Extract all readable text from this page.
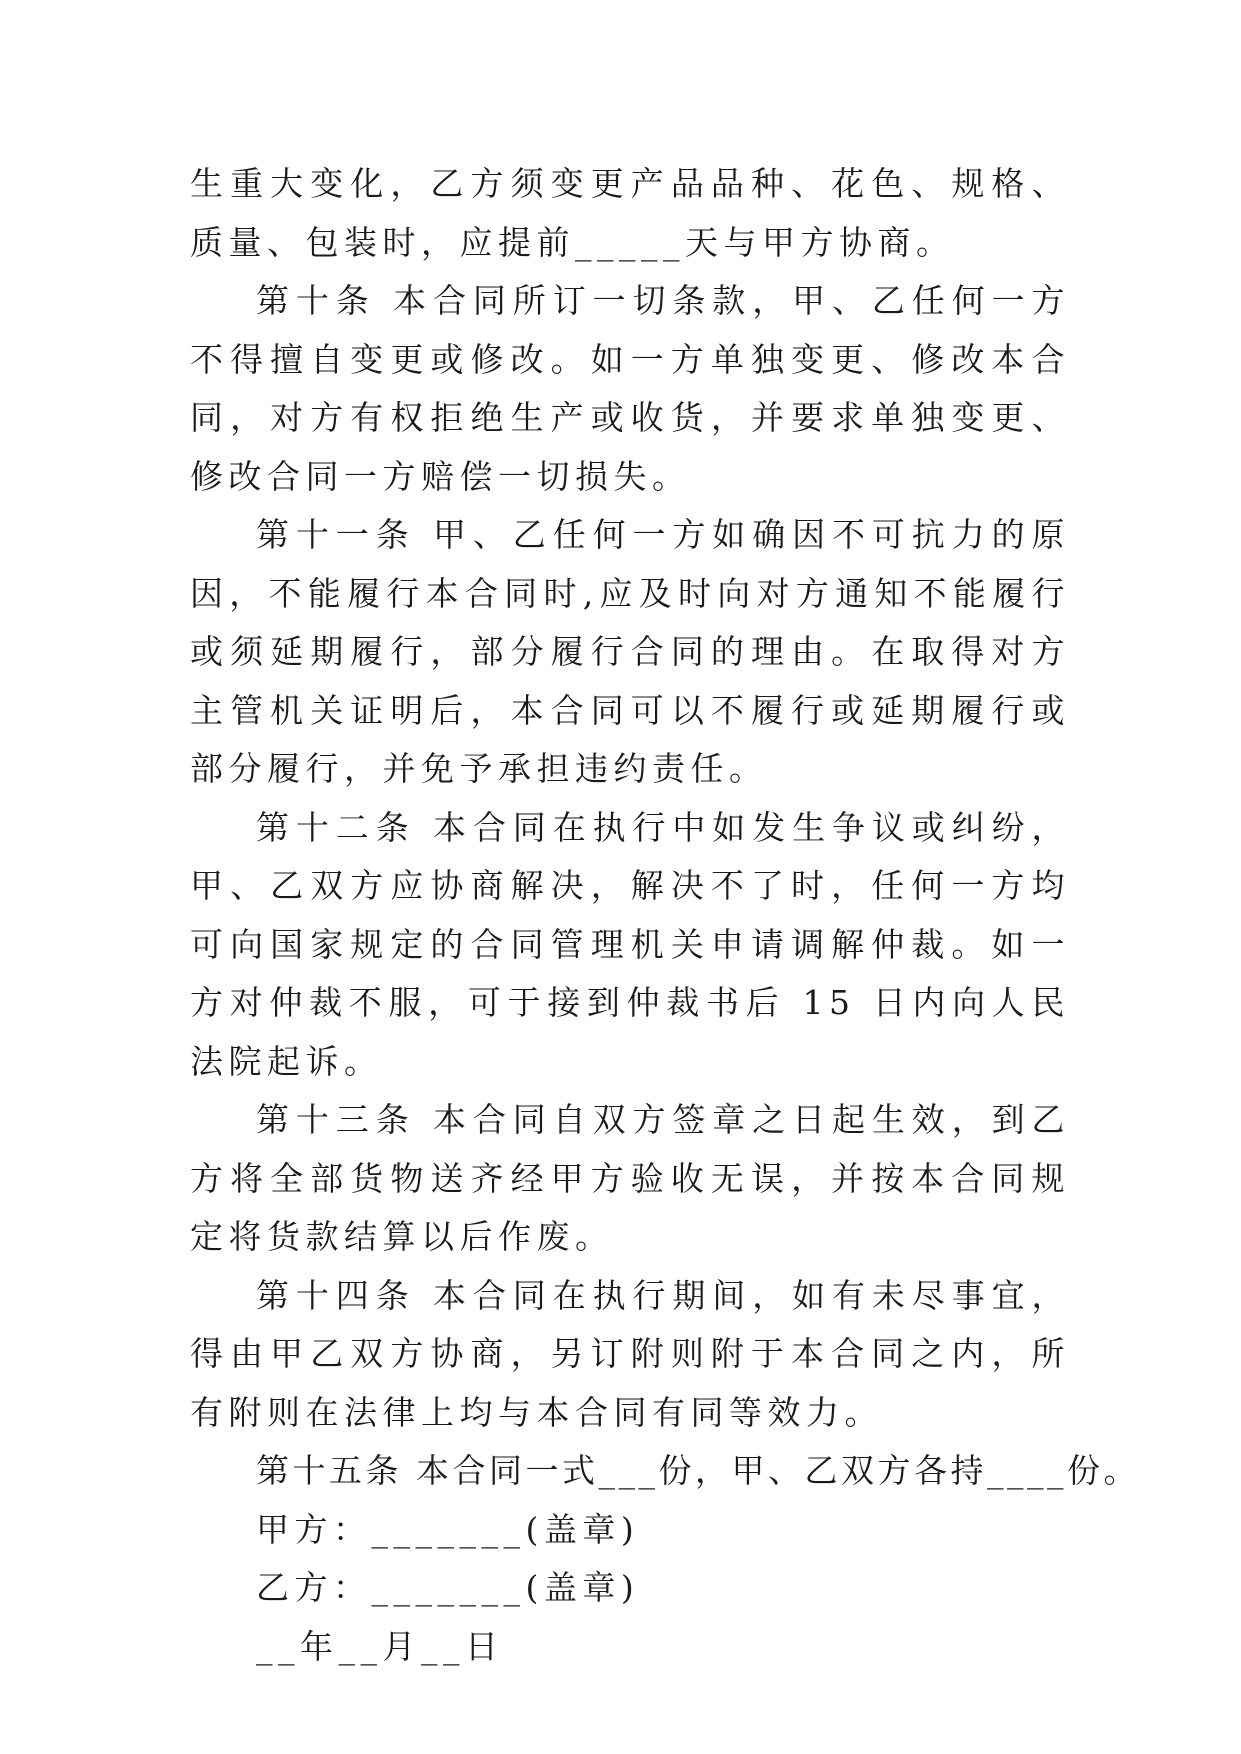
生重大变化，乙方须变更产品品种、花色、规格、质量、包装时，应提前_____天与甲方协商。

第十条 本合同所订一切条款，甲、乙任何一方不得擅自变更或修改。如一方单独变更、修改本合同，对方有权拒绝生产或收货，并要求单独变更、修改合同一方赔偿一切损失。

第十一条 甲、乙任何一方如确因不可抗力的原因，不能履行本合同时,应及时向对方通知不能履行或须延期履行，部分履行合同的理由。在取得对方主管机关证明后，本合同可以不履行或延期履行或部分履行，并免予承担违约责任。

第十二条 本合同在执行中如发生争议或纠纷，甲、乙双方应协商解决，解决不了时，任何一方均可向国家规定的合同管理机关申请调解仲裁。如一方对仲裁不服，可于接到仲裁书后 15 日内向人民法院起诉。

第十三条 本合同自双方签章之日起生效，到乙方将全部货物送齐经甲方验收无误，并按本合同规定将货款结算以后作废。

第十四条 本合同在执行期间，如有未尽事宜，得由甲乙双方协商，另订附则附于本合同之内，所有附则在法律上均与本合同有同等效力。

第十五条 本合同一式___份，甲、乙双方各持____份。

甲方：_______(盖章)

乙方：_______(盖章)

__年__月__日
